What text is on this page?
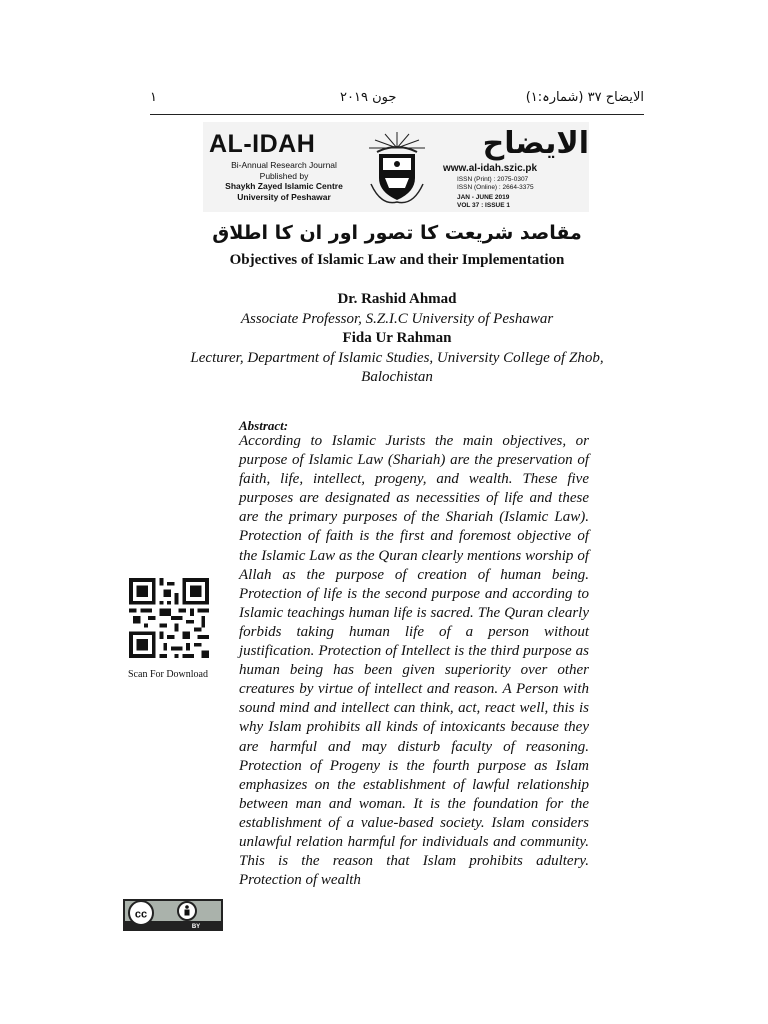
۱	جون ۲۰۱۹	الایضاح ۳۷ (شمارہ:۱)
AL-IDAH
Bi-Annual Research Journal
Published by
Shaykh Zayed Islamic Centre
University of Peshawar
الایضاح
www.al-idah.szic.pk
ISSN (Print) : 2075-0307
ISSN (Online) : 2664-3375
JAN - JUNE 2019
VOL 37 : ISSUE 1
مقاصد شریعت کا تصور اور ان کا اطلاق
Objectives of Islamic Law and their Implementation
Dr. Rashid Ahmad
Associate Professor, S.Z.I.C University of Peshawar
Fida Ur Rahman
Lecturer, Department of Islamic Studies, University College of Zhob,
Balochistan
Abstract:
According to Islamic Jurists the main objectives, or purpose of Islamic Law (Shariah) are the preservation of faith, life, intellect, progeny, and wealth. These five purposes are designated as necessities of life and these are the primary purposes of the Shariah (Islamic Law). Protection of faith is the first and foremost objective of the Islamic Law as the Quran clearly mentions worship of Allah as the purpose of creation of human being. Protection of life is the second purpose and according to Islamic teachings human life is sacred. The Quran clearly forbids taking human life of a person without justification. Protection of Intellect is the third purpose as human being has been given superiority over other creatures by virtue of intellect and reason. A Person with sound mind and intellect can think, act, react well, this is why Islam prohibits all kinds of intoxicants because they are harmful and may disturb faculty of reasoning. Protection of Progeny is the fourth purpose as Islam emphasizes on the establishment of lawful relationship between man and woman. It is the foundation for the establishment of a value-based society. Islam considers unlawful relation harmful for individuals and community. This is the reason that Islam prohibits adultery. Protection of wealth
Scan For Download
cc
BY
